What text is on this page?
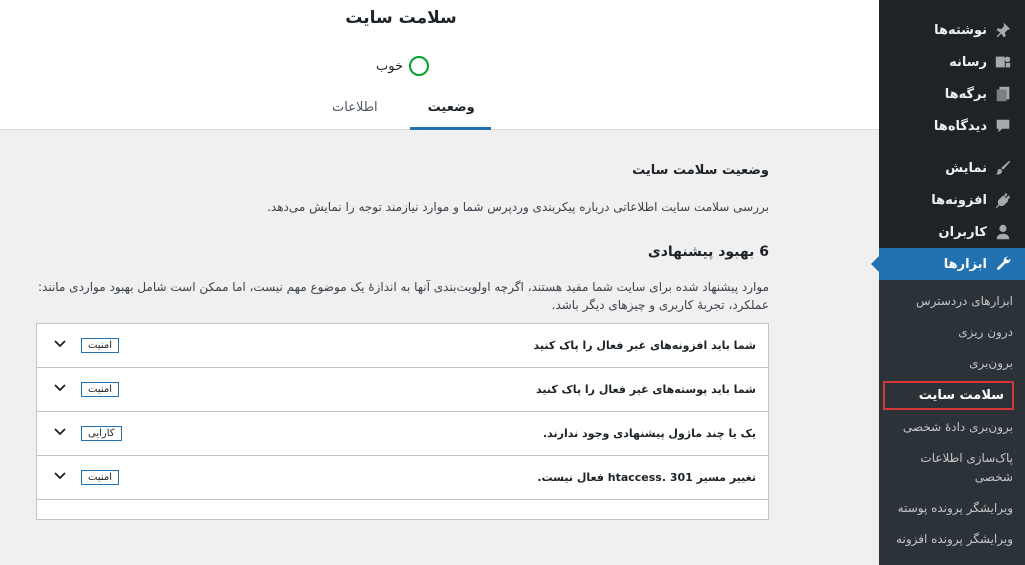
سلامت سایت
خوب
وضعیت
اطلاعات
وضعیت سلامت سایت
بررسی سلامت سایت اطلاعاتی درباره پیکربندی وردپرس شما و موارد نیازمند توجه را نمایش می‌دهد.
6 بهبود پیشنهادی
موارد پیشنهاد شده برای سایت شما مفید هستند، اگرچه اولویت‌بندی آنها به اندازهٔ یک موضوع مهم نیست، اما ممکن است شامل بهبود مواردی مانند: عملکرد، تجربهٔ کاربری و چیزهای دیگر باشد.
امنیت	شما باید افزونه‌های غیر فعال را پاک کنید
امنیت	شما باید پوسته‌های غیر فعال را پاک کنید
کارایی	یک یا چند ماژول پیشنهادی وجود ندارند.
امنیت	تغییر مسیر htaccess. 301 فعال نیست.
نوشته‌ها
رسانه
برگه‌ها
دیدگاه‌ها
نمایش
افزونه‌ها
کاربران
ابزارها
ابزارهای دردسترس
درون ریزی
برون‌بری
سلامت سایت
برون‌بری دادهٔ شخصی
پاک‌سازی اطلاعات شخصی
ویرایشگر پرونده پوسته
ویرایشگر پرونده افزونه
